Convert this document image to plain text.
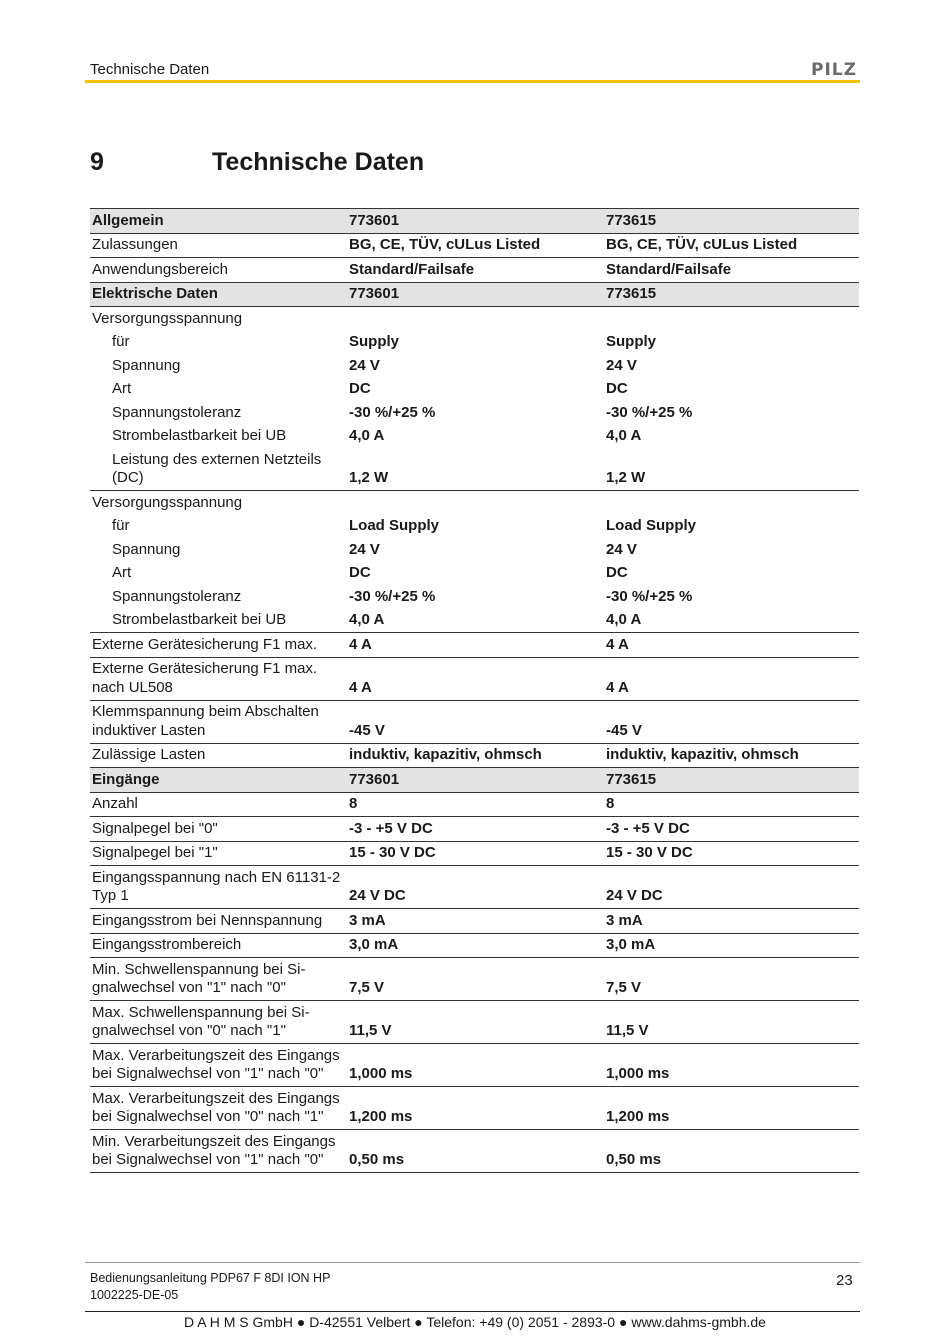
Technische Daten	PILZ
9	Technische Daten
Allgemein	773601	773615
Zulassungen	BG, CE, TÜV, cULus Listed	BG, CE, TÜV, cULus Listed
Anwendungsbereich	Standard/Failsafe	Standard/Failsafe
Elektrische Daten	773601	773615
Versorgungsspannung		
für	Supply	Supply
Spannung	24 V	24 V
Art	DC	DC
Spannungstoleranz	-30 %/+25 %	-30 %/+25 %
Strombelastbarkeit bei UB	4,0 A	4,0 A
Leistung des externen Netzteils (DC)	1,2 W	1,2 W
Versorgungsspannung		
für	Load Supply	Load Supply
Spannung	24 V	24 V
Art	DC	DC
Spannungstoleranz	-30 %/+25 %	-30 %/+25 %
Strombelastbarkeit bei UB	4,0 A	4,0 A
Externe Gerätesicherung F1 max.	4 A	4 A
Externe Gerätesicherung F1 max. nach UL508	4 A	4 A
Klemmspannung beim Abschalten induktiver Lasten	-45 V	-45 V
Zulässige Lasten	induktiv, kapazitiv, ohmsch	induktiv, kapazitiv, ohmsch
Eingänge	773601	773615
Anzahl	8	8
Signalpegel bei "0"	-3 - +5 V DC	-3 - +5 V DC
Signalpegel bei "1"	15 - 30 V DC	15 - 30 V DC
Eingangsspannung nach EN 61131-2 Typ 1	24 V DC	24 V DC
Eingangsstrom bei Nennspannung	3 mA	3 mA
Eingangsstrombereich	3,0 mA	3,0 mA
Min. Schwellenspannung bei Signalwechsel von "1" nach "0"	7,5 V	7,5 V
Max. Schwellenspannung bei Signalwechsel von "0" nach "1"	11,5 V	11,5 V
Max. Verarbeitungszeit des Eingangs bei Signalwechsel von "1" nach "0"	1,000 ms	1,000 ms
Max. Verarbeitungszeit des Eingangs bei Signalwechsel von "0" nach "1"	1,200 ms	1,200 ms
Min. Verarbeitungszeit des Eingangs bei Signalwechsel von "1" nach "0"	0,50 ms	0,50 ms
Bedienungsanleitung PDP67 F 8DI ION HP
1002225-DE-05
23
D A H M S GmbH ● D-42551 Velbert ● Telefon: +49 (0) 2051 - 2893-0 ● www.dahms-gmbh.de
